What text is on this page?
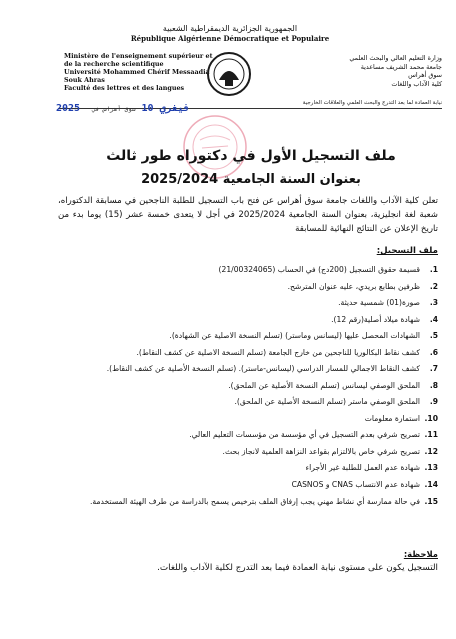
الجمهورية الجزائرية الديمقراطية الشعبية
République Algérienne Démocratique et Populaire
Ministère de l'enseignement supérieur et
de la recherche scientifique
Université Mohammed Chérif Messaadia
Souk Ahras
Faculté des lettres et des langues
وزارة التعليم العالي والبحث العلمي
جامعة محمد الشريف مساعدية
سوق أهراس
كلية الآداب واللغات
نيابة العمادة لما بعد التدرج والبحث العلمي والعلاقات الخارجية
2025 فيفري 10 سوق أهراس في
ملف التسجيل الأول في دكتوراه طور ثالث
بعنوان السنة الجامعية 2025/2024
تعلن كلية الآداب واللغات جامعة سوق أهراس عن فتح باب التسجيل للطلبة الناجحين في مسابقة الدكتوراه، شعبة لغة انجليزية، بعنوان السنة الجامعية 2025/2024 في أجل لا يتعدى خمسة عشر (15) يوما بدء من تاريخ الإعلان عن النتائج النهائية للمسابقة
ملف التسجيل:
1.
قسيمة حقوق التسجيل (200دج) في الحساب (21/00324065)
2.
ظرفين بطابع بريدي، عليه عنوان المترشح.
3.
صورة(01) شمسية حديثة.
4.
شهادة ميلاد أصلية(رقم 12).
5.
الشهادات المحصل عليها (ليسانس وماستر) (تسلم النسخة الاصلية عن الشهادة).
6.
كشف نقاط البكالوريا للناجحين من خارج الجامعة (تسلم النسخة الاصلية عن كشف النقاط).
7.
كشف النقاط الاجمالي للمسار الدراسي (ليسانس-ماستر). (تسلم النسخة الأصلية عن كشف النقاط).
8.
الملحق الوصفي ليسانس (تسلم النسخة الأصلية عن الملحق).
9.
الملحق الوصفي ماستر (تسلم النسخة الأصلية عن الملحق).
10.
استمارة معلومات
11.
تصريح شرفي بعدم التسجيل في أي مؤسسة من مؤسسات التعليم العالي.
12.
تصريح شرفي خاص بالالتزام بقواعد النزاهة العلمية لانجاز بحث.
13.
شهادة عدم العمل للطلبة غير الأجراء
14.
شهادة عدم الانتساب CNAS و CASNOS
15.
في حالة ممارسة أي نشاط مهني يجب إرفاق الملف بترخيص يسمح بالدراسة من طرف الهيئة المستخدمة.
ملاحظة:
التسجيل يكون على مستوى نيابة العمادة فيما بعد التدرج لكلية الآداب واللغات.
